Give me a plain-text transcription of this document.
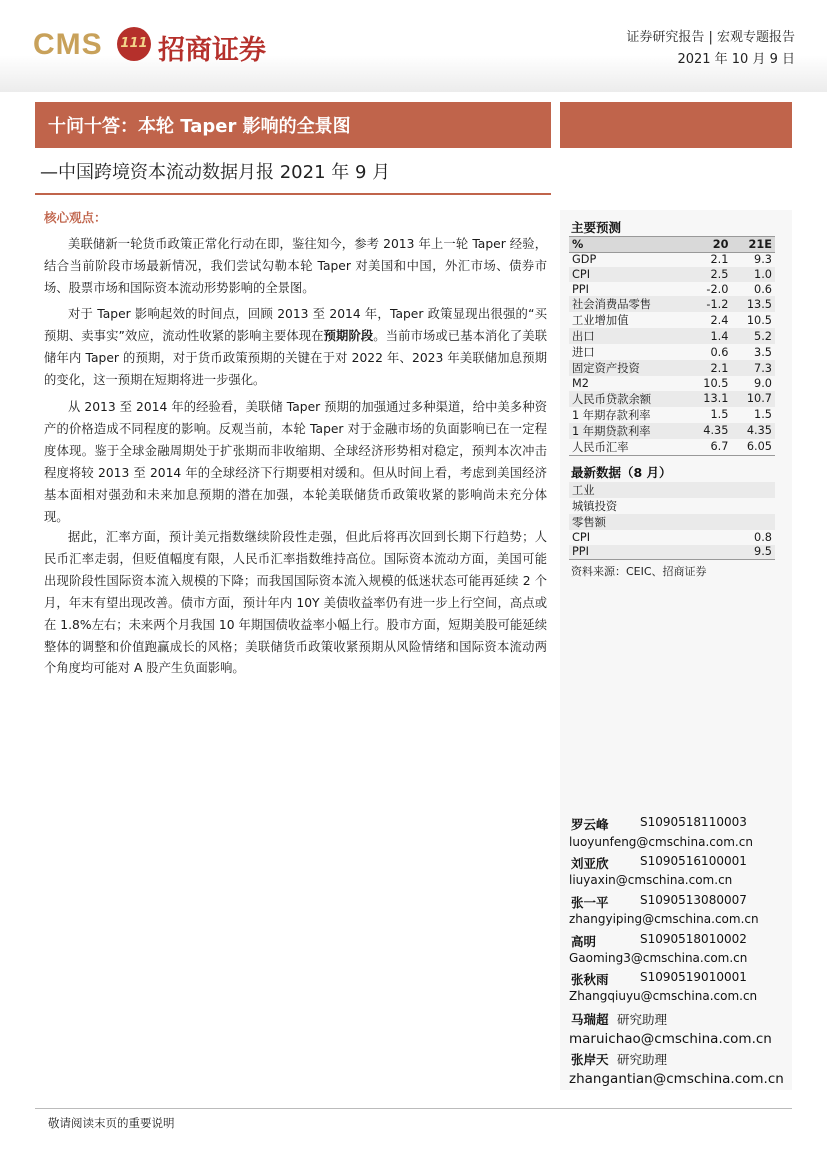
CMS 111 招商证券	证券研究报告 | 宏观专题报告
2021 年 10 月 9 日
十问十答：本轮 Taper 影响的全景图
—中国跨境资本流动数据月报 2021 年 9 月
核心观点：

美联储新一轮货币政策正常化行动在即，鉴往知今，参考 2013 年上一轮 Taper 经验，结合当前阶段市场最新情况，我们尝试勾勒本轮 Taper 对美国和中国，外汇市场、债券市场、股票市场和国际资本流动形势影响的全景图。

对于 Taper 影响起效的时间点，回顾 2013 至 2014 年，Taper 政策显现出很强的“买预期、卖事实”效应，流动性收紧的影响主要体现在预期阶段。当前市场或已基本消化了美联储年内 Taper 的预期，对于货币政策预期的关键在于对 2022 年、2023 年美联储加息预期的变化，这一预期在短期将进一步强化。

从 2013 至 2014 年的经验看，美联储 Taper 预期的加强通过多种渠道，给中美多种资产的价格造成不同程度的影响。反观当前，本轮 Taper 对于金融市场的负面影响已在一定程度体现。鉴于全球金融周期处于扩张期而非收缩期、全球经济形势相对稳定，预判本次冲击程度将较 2013 至 2014 年的全球经济下行期要相对缓和。但从时间上看，考虑到美国经济基本面相对强劲和未来加息预期的潜在加强，本轮美联储货币政策收紧的影响尚未充分体现。

据此，汇率方面，预计美元指数继续阶段性走强，但此后将再次回到长期下行趋势；人民币汇率走弱，但贬值幅度有限，人民币汇率指数维持高位。国际资本流动方面，美国可能出现阶段性国际资本流入规模的下降；而我国国际资本流入规模的低迷状态可能再延续 2 个月，年末有望出现改善。债市方面，预计年内 10Y 美债收益率仍有进一步上行空间，高点或在 1.8%左右；未来两个月我国 10 年期国债收益率小幅上行。股市方面，短期美股可能延续整体的调整和价值跑赢成长的风格；美联储货币政策收紧预期从风险情绪和国际资本流动两个角度均可能对 A 股产生负面影响。

主要预测
%	20	21E
GDP	2.1	9.3
CPI	2.5	1.0
PPI	-2.0	0.6
社会消费品零售	-1.2	13.5
工业增加值	2.4	10.5
出口	1.4	5.2
进口	0.6	3.5
固定资产投资	2.1	7.3
M2	10.5	9.0
人民币贷款余额	13.1	10.7
1 年期存款利率	1.5	1.5
1 年期贷款利率	4.35	4.35
人民币汇率	6.7	6.05
最新数据（8 月）
工业	
城镇投资	
零售额	
CPI	0.8
PPI	9.5
资料来源：CEIC、招商证券
罗云峰	S1090518110003
luoyunfeng@cmschina.com.cn
刘亚欣	S1090516100001
liuyaxin@cmschina.com.cn
张一平	S1090513080007
zhangyiping@cmschina.com.cn
高明	S1090518010002
Gaoming3@cmschina.com.cn
张秋雨	S1090519010001
Zhangqiuyu@cmschina.com.cn
马瑞超 研究助理
maruichao@cmschina.com.cn
张岸天 研究助理
zhangantian@cmschina.com.cn
敬请阅读末页的重要说明
